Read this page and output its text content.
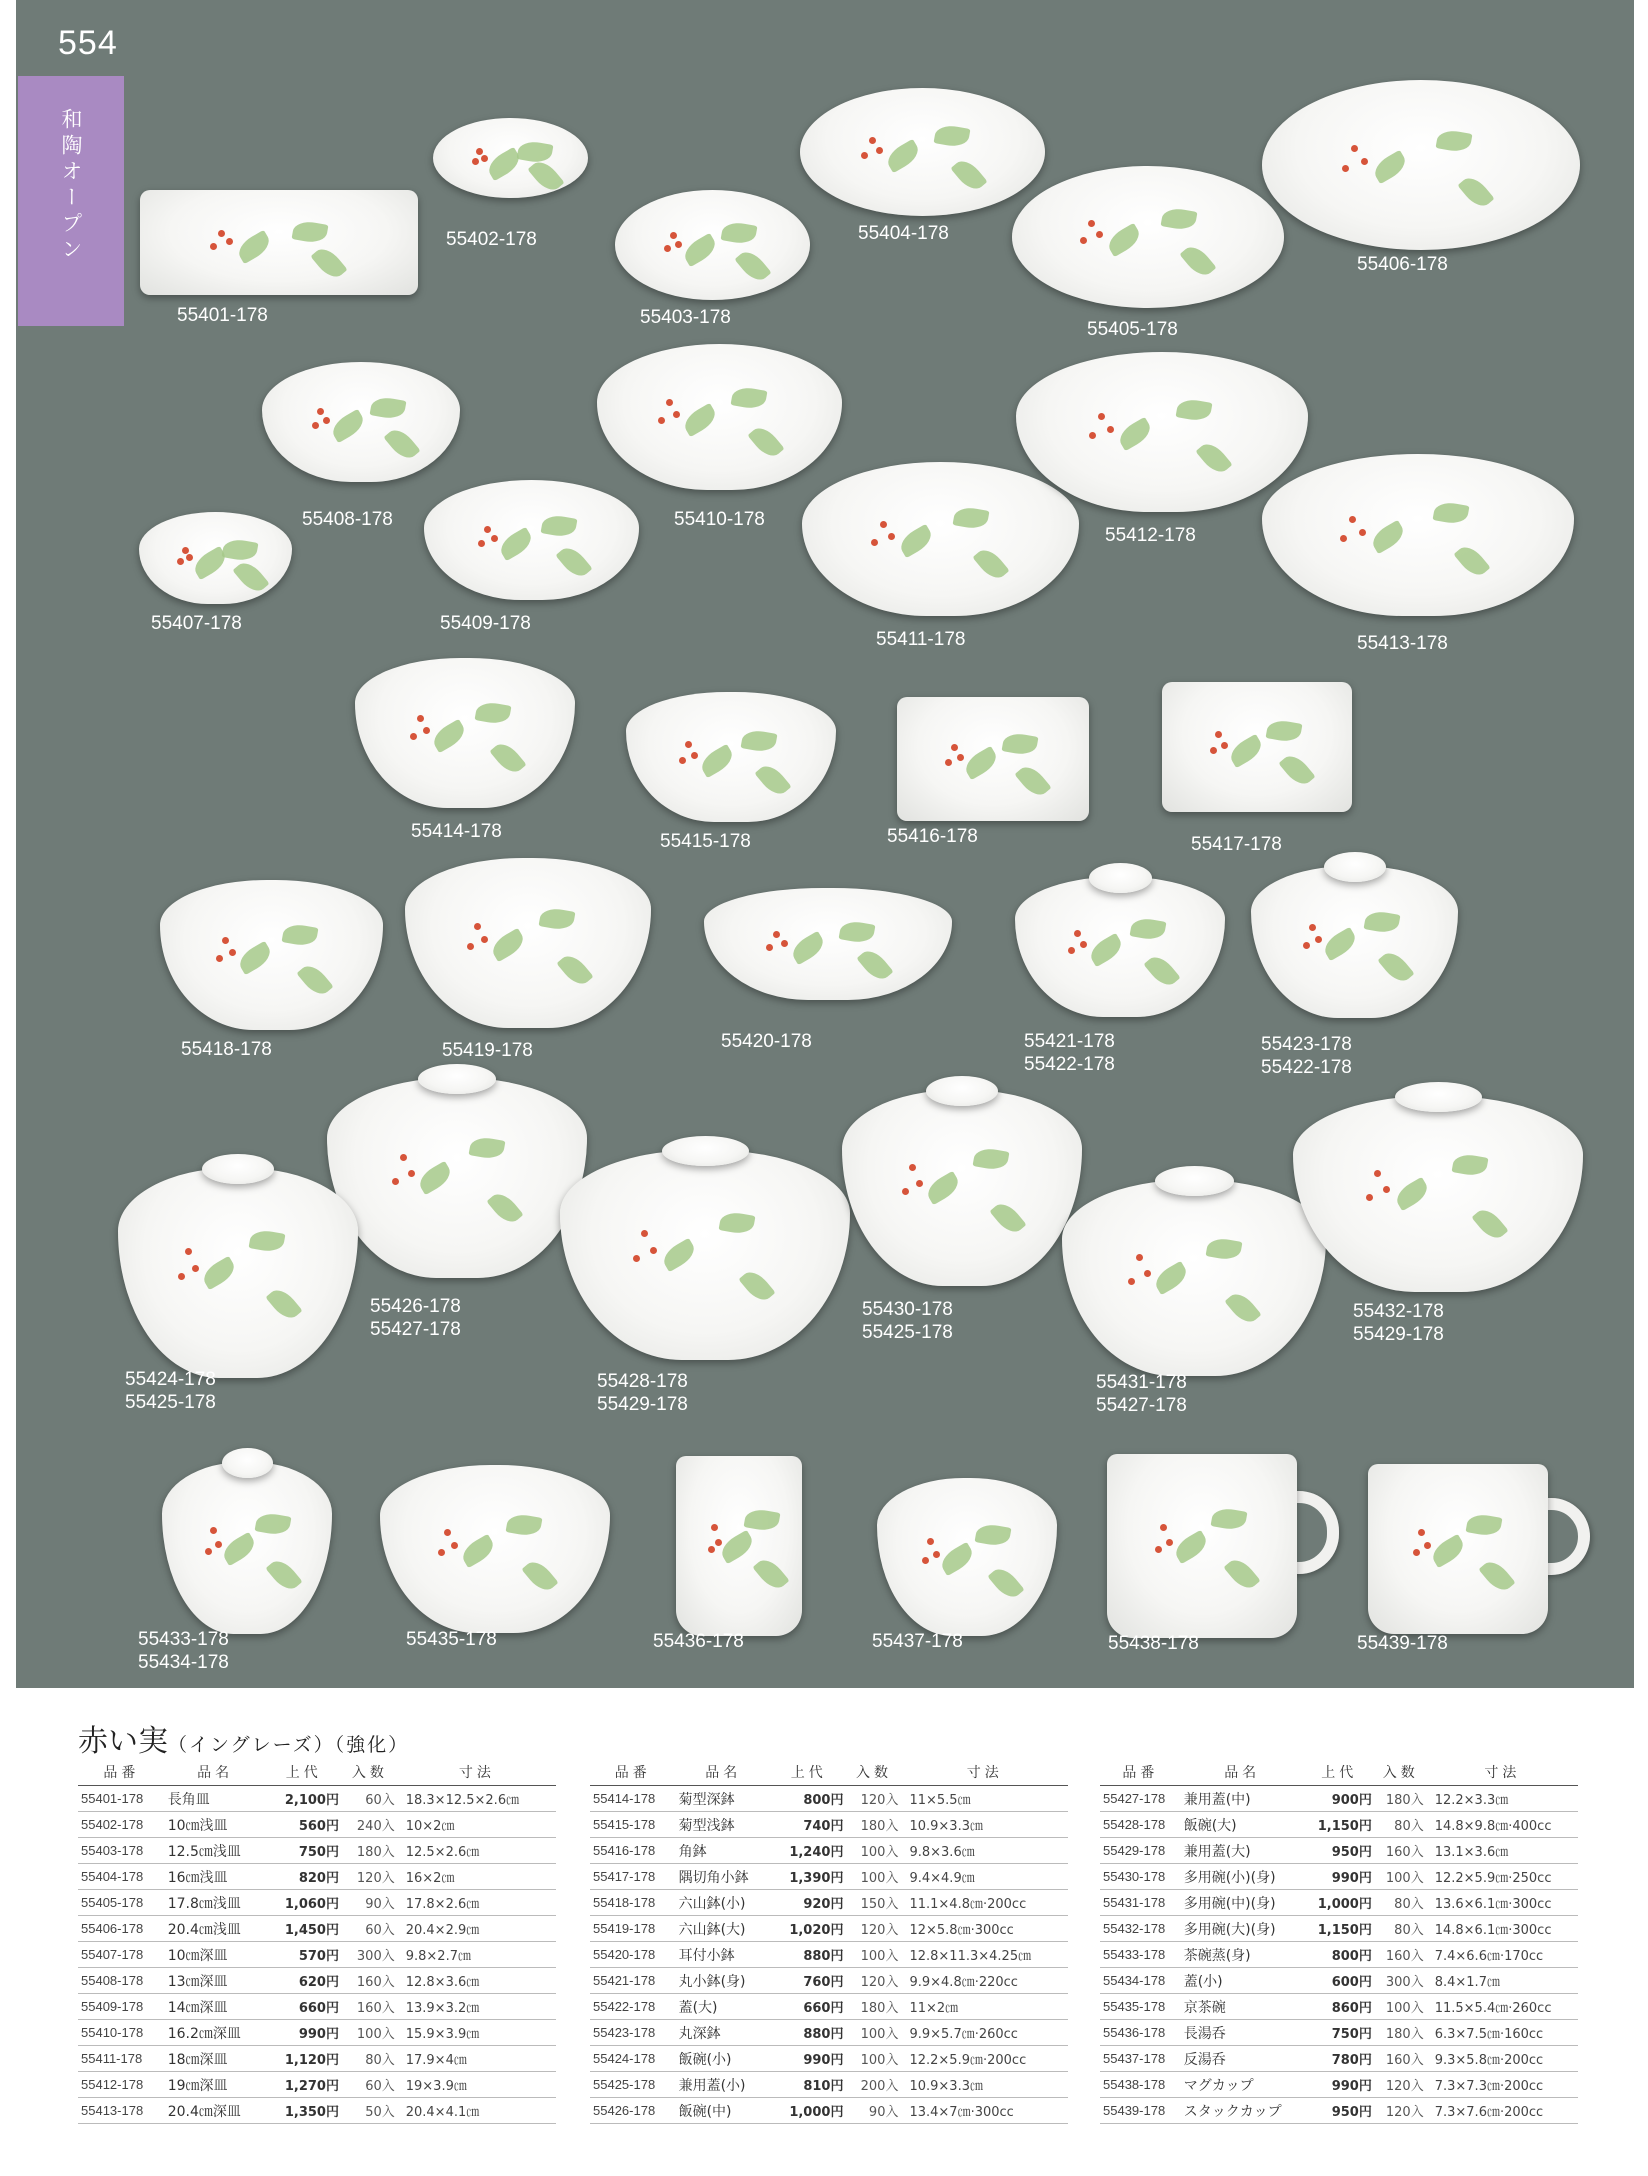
554
和陶オープン
55401-178
55402-178
55403-178
55404-178
55405-178
55406-178
55407-178
55408-178
55409-178
55410-178
55411-178
55412-178
55413-178
55414-178	55415-178	55416-178	55417-178
55418-178	55419-178	55420-178	55421-178
55422-178
55423-178
55422-178
55426-178
55427-178
55424-178
55425-178
55428-178
55429-178
55430-178
55425-178
55431-178
55427-178
55432-178
55429-178
55433-178
55434-178
55435-178	55436-178	55437-178	55438-178	55439-178
赤い実（イングレーズ）（強化）
品番	品名	上代	入数	寸法
55401-178	長角皿	2,100円	60入	18.3×12.5×2.6㎝
55402-178	10㎝浅皿	560円	240入	10×2㎝
55403-178	12.5㎝浅皿	750円	180入	12.5×2.6㎝
55404-178	16㎝浅皿	820円	120入	16×2㎝
55405-178	17.8㎝浅皿	1,060円	90入	17.8×2.6㎝
55406-178	20.4㎝浅皿	1,450円	60入	20.4×2.9㎝
55407-178	10㎝深皿	570円	300入	9.8×2.7㎝
55408-178	13㎝深皿	620円	160入	12.8×3.6㎝
55409-178	14㎝深皿	660円	160入	13.9×3.2㎝
55410-178	16.2㎝深皿	990円	100入	15.9×3.9㎝
55411-178	18㎝深皿	1,120円	80入	17.9×4㎝
55412-178	19㎝深皿	1,270円	60入	19×3.9㎝
55413-178	20.4㎝深皿	1,350円	50入	20.4×4.1㎝
品番	品名	上代	入数	寸法
55414-178	菊型深鉢	800円	120入	11×5.5㎝
55415-178	菊型浅鉢	740円	180入	10.9×3.3㎝
55416-178	角鉢	1,240円	100入	9.8×3.6㎝
55417-178	隅切角小鉢	1,390円	100入	9.4×4.9㎝
55418-178	六山鉢(小)	920円	150入	11.1×4.8㎝·200cc
55419-178	六山鉢(大)	1,020円	120入	12×5.8㎝·300cc
55420-178	耳付小鉢	880円	100入	12.8×11.3×4.25㎝
55421-178	丸小鉢(身)	760円	120入	9.9×4.8㎝·220cc
55422-178	蓋(大)	660円	180入	11×2㎝
55423-178	丸深鉢	880円	100入	9.9×5.7㎝·260cc
55424-178	飯碗(小)	990円	100入	12.2×5.9㎝·200cc
55425-178	兼用蓋(小)	810円	200入	10.9×3.3㎝
55426-178	飯碗(中)	1,000円	90入	13.4×7㎝·300cc
品番	品名	上代	入数	寸法
55427-178	兼用蓋(中)	900円	180入	12.2×3.3㎝
55428-178	飯碗(大)	1,150円	80入	14.8×9.8㎝·400cc
55429-178	兼用蓋(大)	950円	160入	13.1×3.6㎝
55430-178	多用碗(小)(身)	990円	100入	12.2×5.9㎝·250cc
55431-178	多用碗(中)(身)	1,000円	80入	13.6×6.1㎝·300cc
55432-178	多用碗(大)(身)	1,150円	80入	14.8×6.1㎝·300cc
55433-178	茶碗蒸(身)	800円	160入	7.4×6.6㎝·170cc
55434-178	蓋(小)	600円	300入	8.4×1.7㎝
55435-178	京茶碗	860円	100入	11.5×5.4㎝·260cc
55436-178	長湯呑	750円	180入	6.3×7.5㎝·160cc
55437-178	反湯呑	780円	160入	9.3×5.8㎝·200cc
55438-178	マグカップ	990円	120入	7.3×7.3㎝·200cc
55439-178	スタックカップ	950円	120入	7.3×7.6㎝·200cc
